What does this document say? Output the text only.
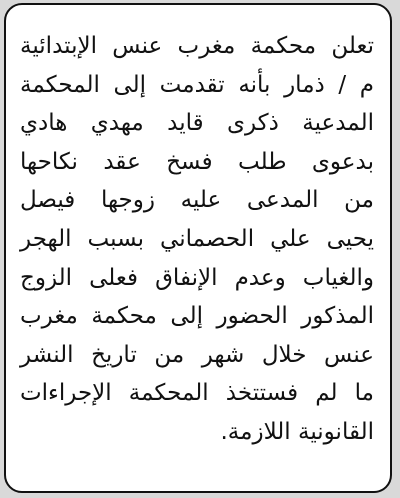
تعلن محكمة مغرب عنس الإبتدائية
م / ذمار بأنه تقدمت إلى المحكمة
المدعية ذكرى قايد مهدي هادي
بدعوى طلب فسخ عقد نكاحها
من المدعى عليه زوجها فيصل
يحيى علي الحصماني بسبب الهجر
والغياب وعدم الإنفاق فعلى الزوج
المذكور الحضور إلى محكمة مغرب
عنس خلال شهر من تاريخ النشر
ما لم فستتخذ المحكمة الإجراءات
القانونية اللازمة.
